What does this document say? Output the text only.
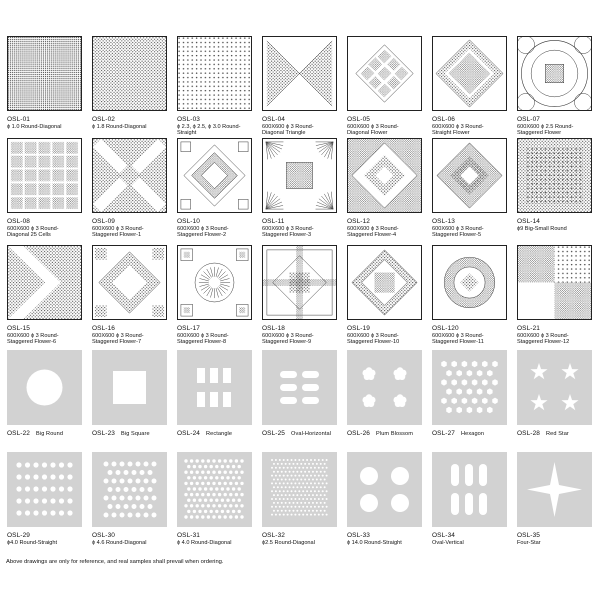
OSL-01
ϕ 1.0 Round-Diagonal
OSL-02
ϕ 1.8 Round-Diagonal
OSL-03
ϕ 2.3, ϕ 2.5, ϕ 3.0 Round-
Straight
OSL-04
600X600 ϕ 3 Round-
Diagonal Triangle
OSL-05
600X600 ϕ 3 Round-
Diagonal Flower
OSL-06
600X600 ϕ 3 Round-
Straight Flower
OSL-07
600X600 ϕ 2.5 Round-
Staggered Flower
OSL-08
600X600 ϕ 3 Round-
Diagonal 25 Cells
OSL-09
600X600 ϕ 3 Round-
Staggered Flower-1
OSL-10
600X600 ϕ 3 Round-
Staggered Flower-2
OSL-11
600X600 ϕ 3 Round-
Staggered Flower-3
OSL-12
600X600 ϕ 3 Round-
Staggered Flower-4
OSL-13
600X600 ϕ 3 Round-
Staggered Flower-5
OSL-14
ϕ9 Big-Small Round
OSL-15
600X600 ϕ 3 Round-
Staggered Flower-6
OSL-16
600X600 ϕ 3 Round-
Staggered Flower-7
OSL-17
600X600 ϕ 3 Round-
Staggered Flower-8
OSL-18
600X600 ϕ 3 Round-
Staggered Flower-9
OSL-19
600X600 ϕ 3 Round-
Staggered Flower-10
OSL-120
600X600 ϕ 3 Round-
Staggered Flower-11
OSL-21
600X600 ϕ 3 Round-
Staggered Flower-12
OSL-22 Big Round	OSL-23 Big Square	OSL-24 Rectangle	OSL-25 Oval-Horizontal OSL-26 Plum Blossom	OSL-27 Hexagon	OSL-28 Red Star
OSL-29
ϕ4.0 Round-Straight
OSL-30
ϕ 4.6 Round-Diagonal
OSL-31
ϕ 4.0 Round-Diagonal
OSL-32
ϕ2.5 Round-Diagonal
OSL-33
ϕ 14.0 Round-Straight
OSL-34
Oval-Vertical
OSL-35
Four-Star
Above drawings are only for reference, and real samples shall prevail when ordering.
